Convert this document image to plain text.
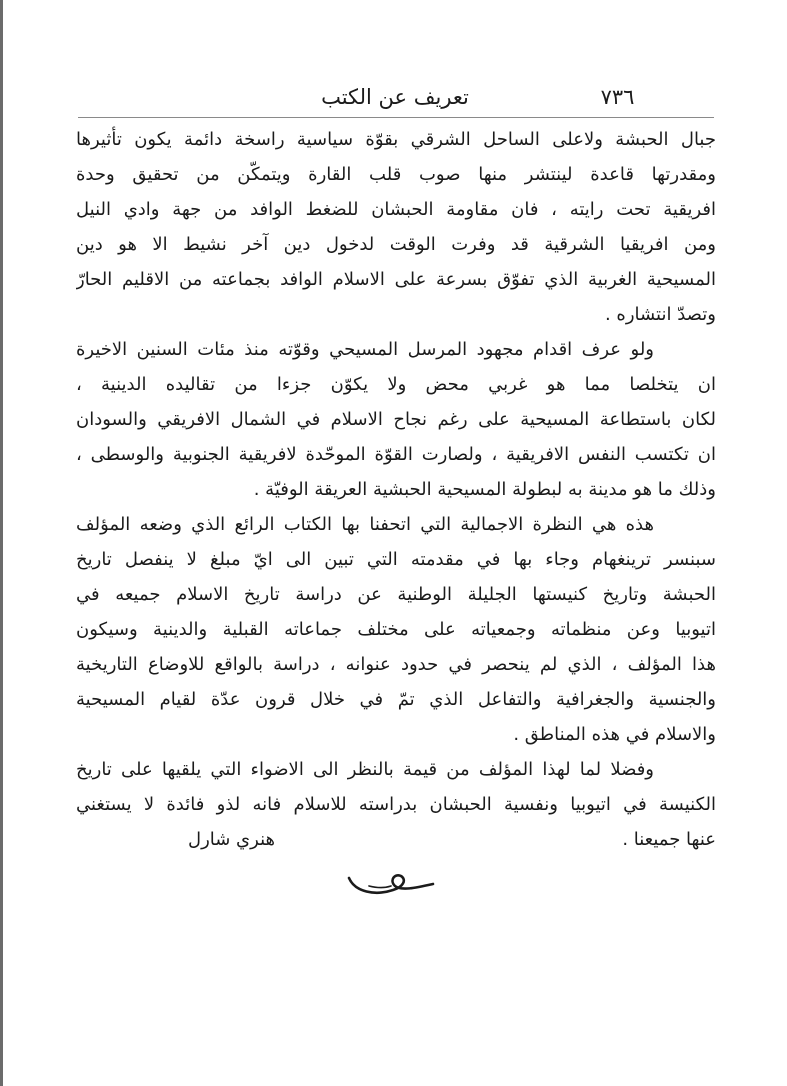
تعريف عن الكتب	٧٣٦
جبال الحبشة ولاعلى الساحل الشرقي بقوّة سياسية راسخة دائمة يكون تأثيرها
ومقدرتها قاعدة لينتشر منها صوب قلب القارة ويتمكّن من تحقيق وحدة
افريقية تحت رايته ، فان مقاومة الحبشان للضغط الوافد من جهة وادي النيل
ومن افريقيا الشرقية قد وفرت الوقت لدخول دين آخر نشيط الا هو دين
المسيحية الغربية الذي تفوّق بسرعة على الاسلام الوافد بجماعته من الاقليم الحارّ
وتصدّ انتشاره .
ولو عرف اقدام مجهود المرسل المسيحي وقوّته منذ مئات السنين الاخيرة
ان يتخلصا مما هو غربي محض ولا يكوّن جزءا من تقاليده الدينية ،
لكان باستطاعة المسيحية على رغم نجاح الاسلام في الشمال الافريقي والسودان
ان تكتسب النفس الافريقية ، ولصارت القوّة الموحّدة لافريقية الجنوبية والوسطى ،
وذلك ما هو مدينة به لبطولة المسيحية الحبشية العريقة الوفيّة .
هذه هي النظرة الاجمالية التي اتحفنا بها الكتاب الرائع الذي وضعه المؤلف
سبنسر ترينغهام وجاء بها في مقدمته التي تبين الى ايّ مبلغ لا ينفصل تاريخ
الحبشة وتاريخ كنيستها الجليلة الوطنية عن دراسة تاريخ الاسلام جميعه في
اتيوبيا وعن منظماته وجمعياته على مختلف جماعاته القبلية والدينية وسيكون
هذا المؤلف ، الذي لم ينحصر في حدود عنوانه ، دراسة بالواقع للاوضاع التاريخية
والجنسية والجغرافية والتفاعل الذي تمّ في خلال قرون عدّة لقيام المسيحية
والاسلام في هذه المناطق .
وفضلا لما لهذا المؤلف من قيمة بالنظر الى الاضواء التي يلقيها على تاريخ
الكنيسة في اتيوبيا ونفسية الحبشان بدراسته للاسلام فانه لذو فائدة لا يستغني
عنها جميعنا .
هنري شارل
